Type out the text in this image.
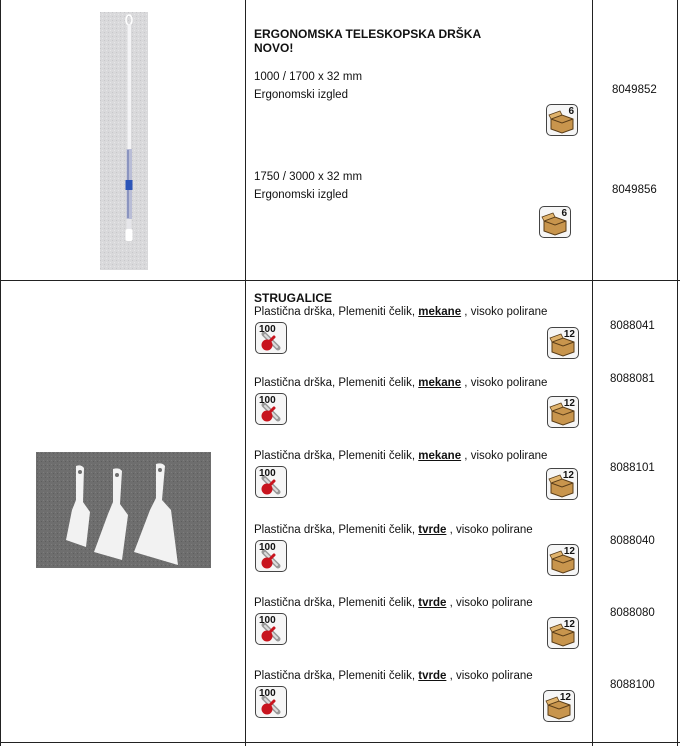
ERGONOMSKA TELESKOPSKA DRŠKA
NOVO!
1000 / 1700 x 32 mm
Ergonomski izgled	8049852
6
1750 / 3000 x 32 mm
Ergonomski izgled	8049856
6
STRUGALICE
Plastična drška, Plemeniti čelik, mekane , visoko polirane
100	12
8088041
Plastična drška, Plemeniti čelik, mekane , visoko polirane
100	12
8088081
Plastična drška, Plemeniti čelik, mekane , visoko polirane
100	12
8088101
Plastična drška, Plemeniti čelik, tvrde , visoko polirane
100	12
8088040
Plastična drška, Plemeniti čelik, tvrde , visoko polirane
100	12
8088080
Plastična drška, Plemeniti čelik, tvrde , visoko polirane
100	12
8088100
